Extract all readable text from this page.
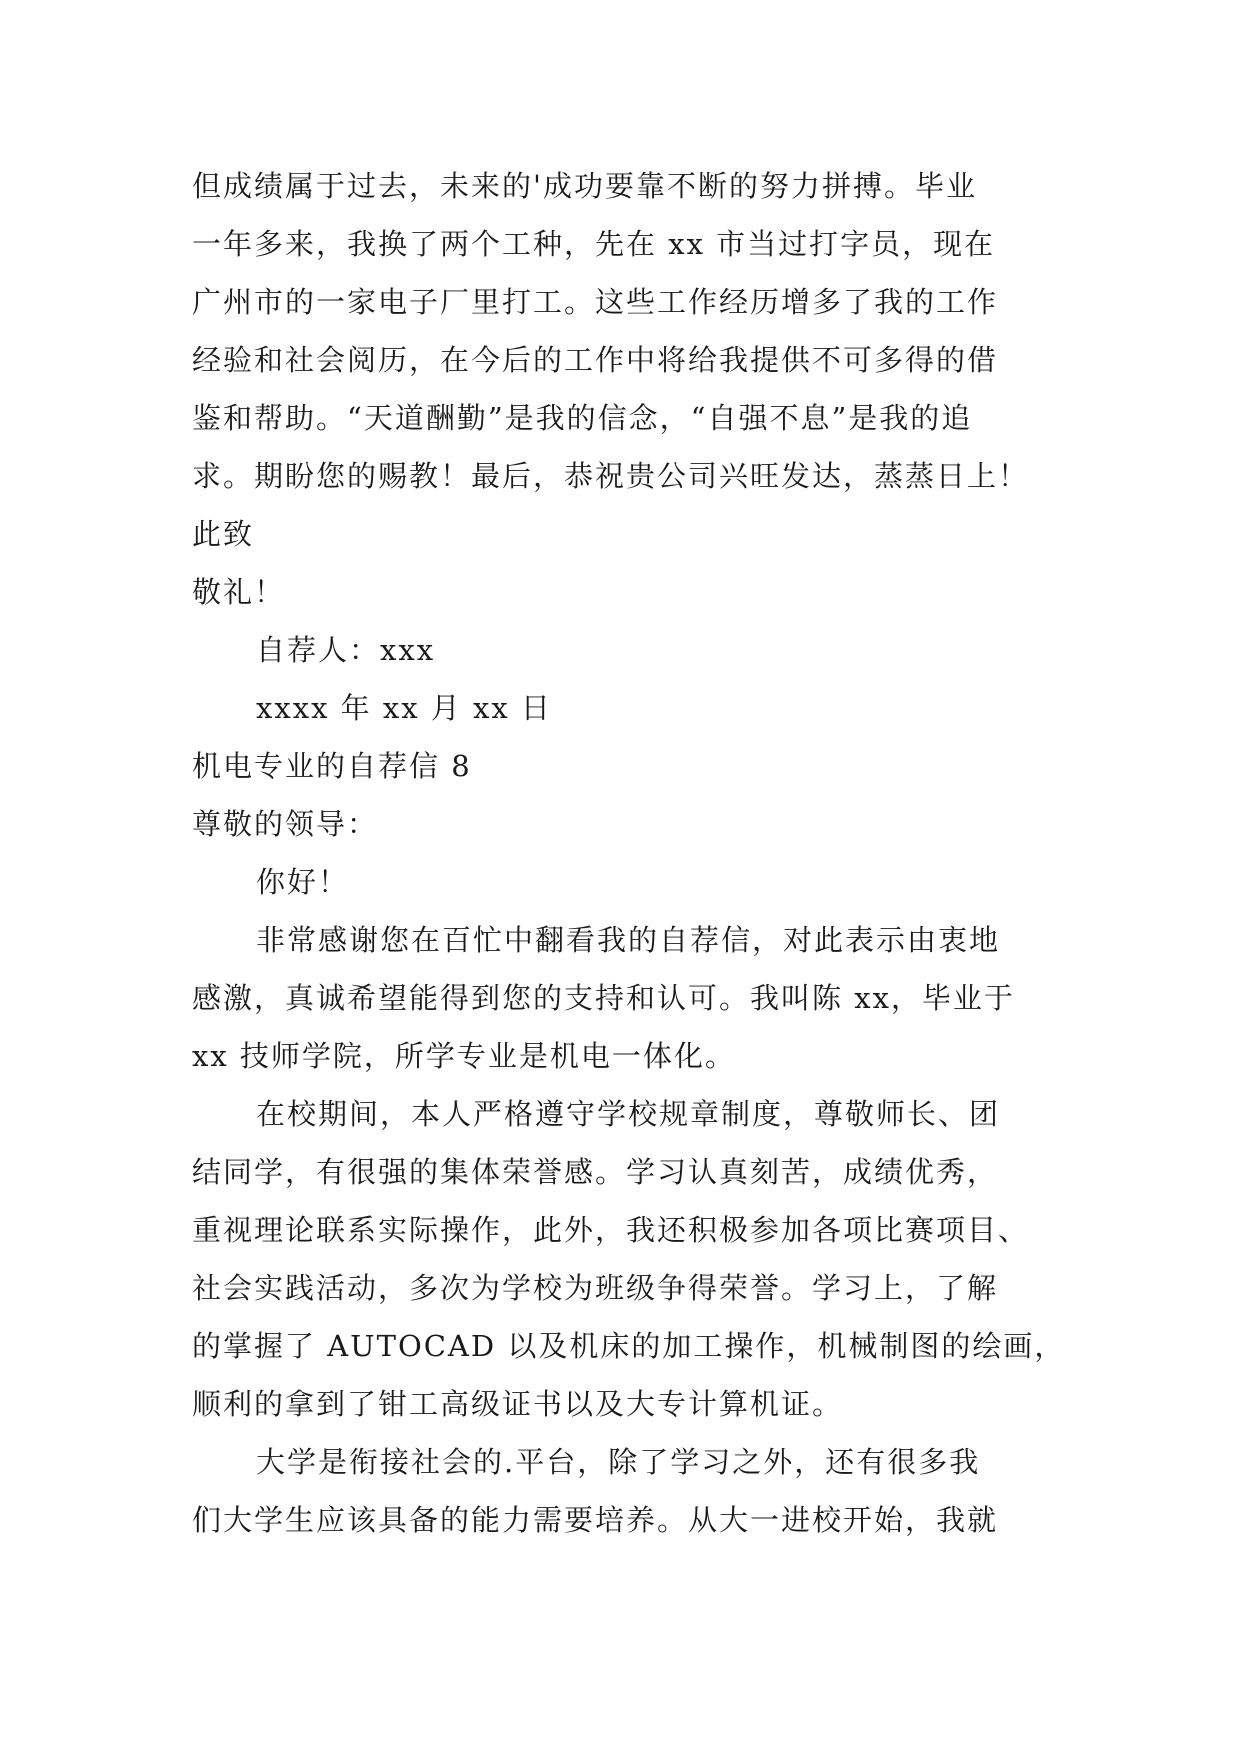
但成绩属于过去，未来的'成功要靠不断的努力拼搏。毕业
一年多来，我换了两个工种，先在 xx 市当过打字员，现在
广州市的一家电子厂里打工。这些工作经历增多了我的工作
经验和社会阅历，在今后的工作中将给我提供不可多得的借
鉴和帮助。“天道酬勤”是我的信念，“自强不息”是我的追
求。期盼您的赐教！最后，恭祝贵公司兴旺发达，蒸蒸日上！
此致
敬礼！
自荐人：xxx
xxxx 年 xx 月 xx 日
机电专业的自荐信 8
尊敬的领导：
你好！
非常感谢您在百忙中翻看我的自荐信，对此表示由衷地
感激，真诚希望能得到您的支持和认可。我叫陈 xx，毕业于
xx 技师学院，所学专业是机电一体化。
在校期间，本人严格遵守学校规章制度，尊敬师长、团
结同学，有很强的集体荣誉感。学习认真刻苦，成绩优秀，
重视理论联系实际操作，此外，我还积极参加各项比赛项目、
社会实践活动，多次为学校为班级争得荣誉。学习上，了解
的掌握了 AUTOCAD 以及机床的加工操作，机械制图的绘画，
顺利的拿到了钳工高级证书以及大专计算机证。
大学是衔接社会的.平台，除了学习之外，还有很多我
们大学生应该具备的能力需要培养。从大一进校开始，我就
